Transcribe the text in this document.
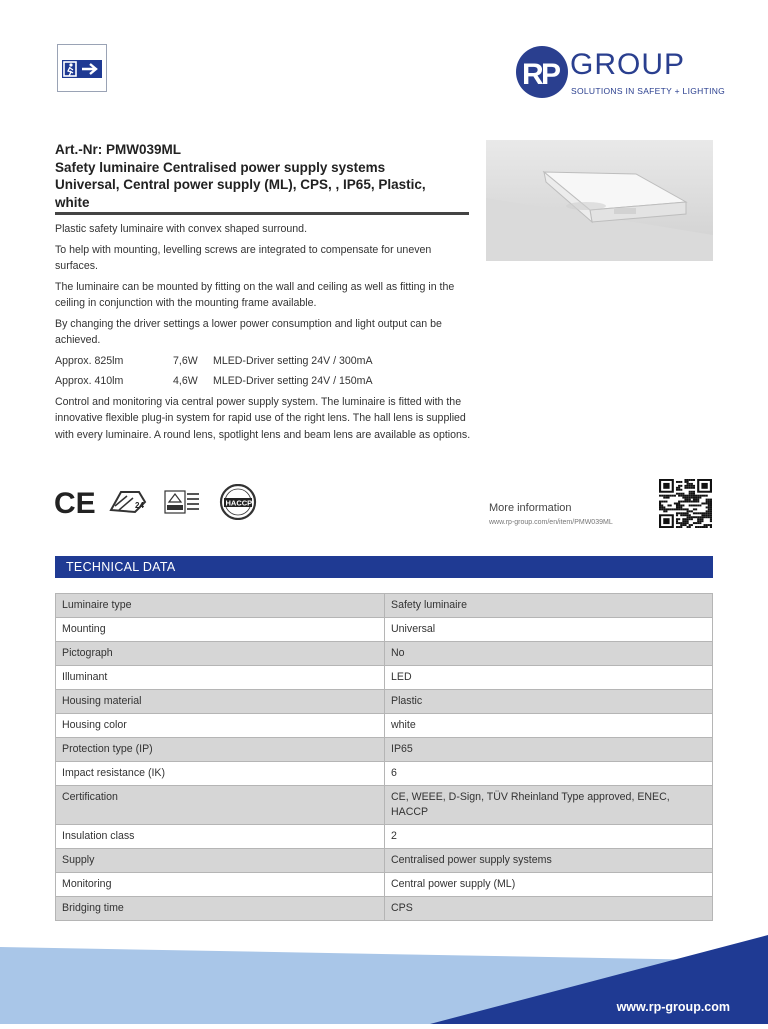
R
P GROUP
SOLUTIONS IN SAFETY + LIGHTING
Art.-Nr: PMW039ML
Safety luminaire Centralised power supply systems
Universal, Central power supply (ML), CPS, , IP65, Plastic,
white

Plastic safety luminaire with convex shaped surround.

To help with mounting, levelling screws are integrated to compensate for uneven surfaces.

The luminaire can be mounted by fitting on the wall and ceiling as well as fitting in the ceiling in conjunction with the mounting frame available.

By changing the driver settings a lower power consumption and light output can be achieved.

Approx. 825lm	7,6W	MLED-Driver setting 24V / 300mA
Approx. 410lm	4,6W	MLED-Driver setting 24V / 150mA

Control and monitoring via central power supply system. The luminaire is fitted with the innovative flexible plug-in system for rapid use of the right lens. The hall lens is supplied with every luminaire. A round lens, spotlight lens and beam lens are available as options.

CE	24	HACCP	More information
www.rp-group.com/en/item/PMW039ML
TECHNICAL DATA
Luminaire type	Safety luminaire
Mounting	Universal
Pictograph	No
Illuminant	LED
Housing material	Plastic
Housing color	white
Protection type (IP)	IP65
Impact resistance (IK)	6
Certification	CE, WEEE, D-Sign, TÜV Rheinland Type approved, ENEC, HACCP
Insulation class	2
Supply	Centralised power supply systems
Monitoring	Central power supply (ML)
Bridging time	CPS
www.rp-group.com
